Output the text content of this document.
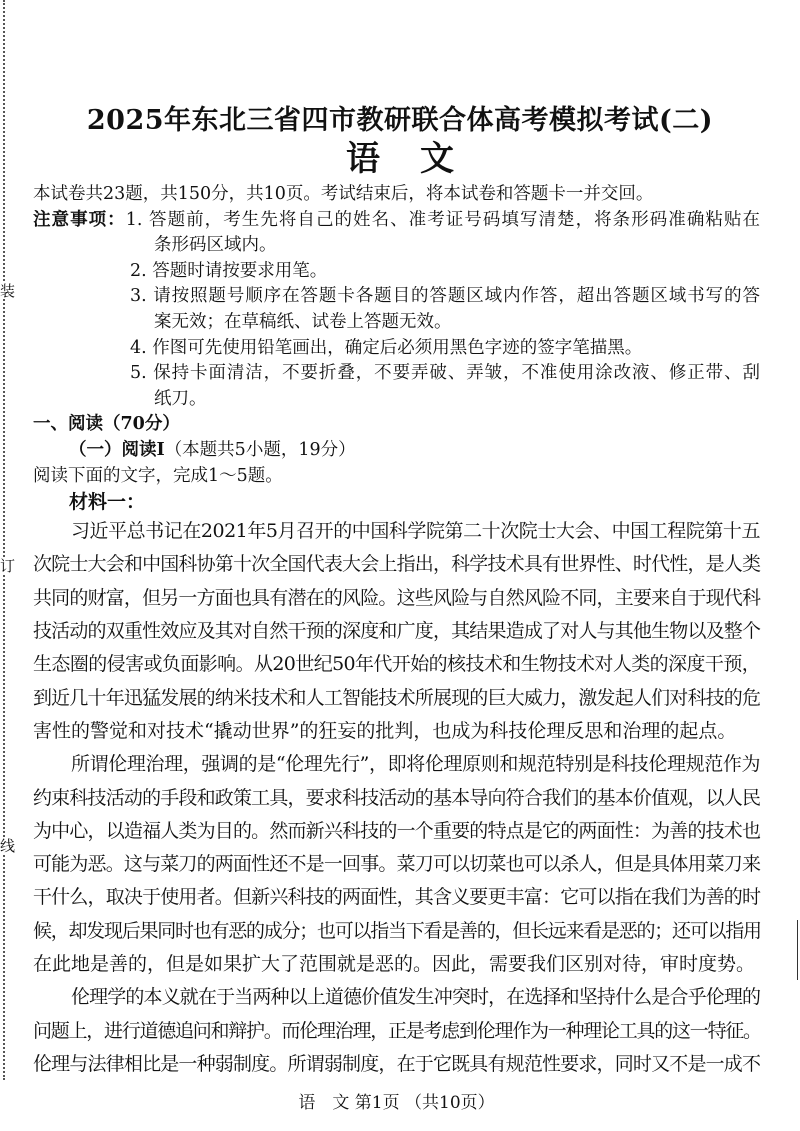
装
订
线
2025年东北三省四市教研联合体高考模拟考试(二)
语 文
本试卷共23题，共150分，共10页。考试结束后，将本试卷和答题卡一并交回。
注意事项：1. 答题前，考生先将自己的姓名、准考证号码填写清楚，将条形码准确粘贴在
条形码区域内。
2. 答题时请按要求用笔。
3. 请按照题号顺序在答题卡各题目的答题区域内作答，超出答题区域书写的答
案无效；在草稿纸、试卷上答题无效。
4. 作图可先使用铅笔画出，确定后必须用黑色字迹的签字笔描黑。
5. 保持卡面清洁，不要折叠，不要弄破、弄皱，不准使用涂改液、修正带、刮
纸刀。
一、阅读（70分）
（一）阅读Ⅰ（本题共5小题，19分）
阅读下面的文字，完成1～5题。
材料一：
习近平总书记在2021年5月召开的中国科学院第二十次院士大会、中国工程院第十五
次院士大会和中国科协第十次全国代表大会上指出，科学技术具有世界性、时代性，是人类
共同的财富，但另一方面也具有潜在的风险。这些风险与自然风险不同，主要来自于现代科
技活动的双重性效应及其对自然干预的深度和广度，其结果造成了对人与其他生物以及整个
生态圈的侵害或负面影响。从20世纪50年代开始的核技术和生物技术对人类的深度干预，
到近几十年迅猛发展的纳米技术和人工智能技术所展现的巨大威力，激发起人们对科技的危
害性的警觉和对技术“撬动世界”的狂妄的批判，也成为科技伦理反思和治理的起点。
所谓伦理治理，强调的是“伦理先行”，即将伦理原则和规范特别是科技伦理规范作为
约束科技活动的手段和政策工具，要求科技活动的基本导向符合我们的基本价值观，以人民
为中心，以造福人类为目的。然而新兴科技的一个重要的特点是它的两面性：为善的技术也
可能为恶。这与菜刀的两面性还不是一回事。菜刀可以切菜也可以杀人，但是具体用菜刀来
干什么，取决于使用者。但新兴科技的两面性，其含义要更丰富：它可以指在我们为善的时
候，却发现后果同时也有恶的成分；也可以指当下看是善的，但长远来看是恶的；还可以指用
在此地是善的，但是如果扩大了范围就是恶的。因此，需要我们区别对待，审时度势。
伦理学的本义就在于当两种以上道德价值发生冲突时，在选择和坚持什么是合乎伦理的
问题上，进行道德追问和辩护。而伦理治理，正是考虑到伦理作为一种理论工具的这一特征。
伦理与法律相比是一种弱制度。所谓弱制度，在于它既具有规范性要求，同时又不是一成不
语　文 第1页 （共10页）
